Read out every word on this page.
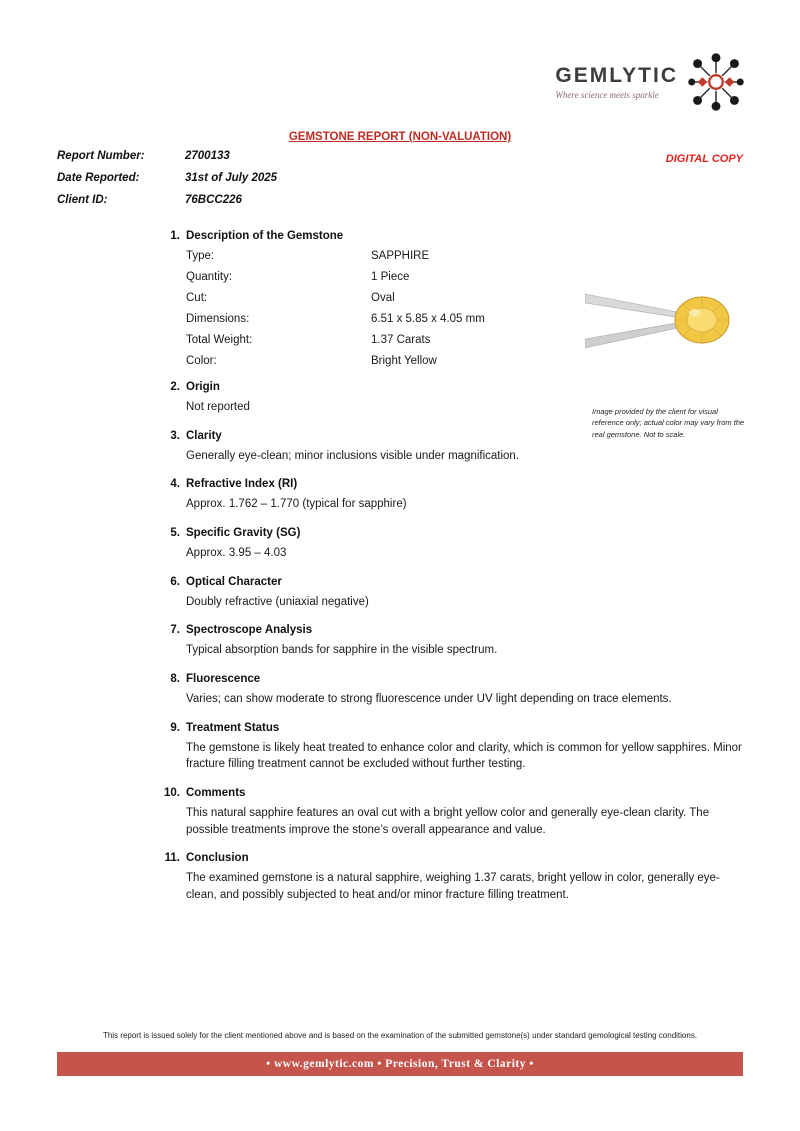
GEMLYTIC
Where science meets sparkle
GEMSTONE REPORT (NON-VALUATION)
Report Number:	2700133
Date Reported:	31st of July 2025
Client ID:	76BCC226
DIGITAL COPY
Image provided by the client for visual reference only; actual color may vary from the real gemstone. Not to scale.
1. Description of the Gemstone
Type:	SAPPHIRE
Quantity:	1 Piece
Cut:	Oval
Dimensions:	6.51 x 5.85 x 4.05 mm
Total Weight:	1.37 Carats
Color:	Bright Yellow
2. Origin
Not reported
3. Clarity
Generally eye-clean; minor inclusions visible under magnification.
4. Refractive Index (RI)
Approx. 1.762 – 1.770 (typical for sapphire)
5. Specific Gravity (SG)
Approx. 3.95 – 4.03
6. Optical Character
Doubly refractive (uniaxial negative)
7. Spectroscope Analysis
Typical absorption bands for sapphire in the visible spectrum.
8. Fluorescence
Varies; can show moderate to strong fluorescence under UV light depending on trace elements.
9. Treatment Status
The gemstone is likely heat treated to enhance color and clarity, which is common for yellow sapphires. Minor fracture filling treatment cannot be excluded without further testing.
10. Comments
This natural sapphire features an oval cut with a bright yellow color and generally eye-clean clarity. The possible treatments improve the stone’s overall appearance and value.
11. Conclusion
The examined gemstone is a natural sapphire, weighing 1.37 carats, bright yellow in color, generally eye-clean, and possibly subjected to heat and/or minor fracture filling treatment.
This report is issued solely for the client mentioned above and is based on the examination of the submitted gemstone(s) under standard gemological testing conditions.
• www.gemlytic.com • Precision, Trust & Clarity •
